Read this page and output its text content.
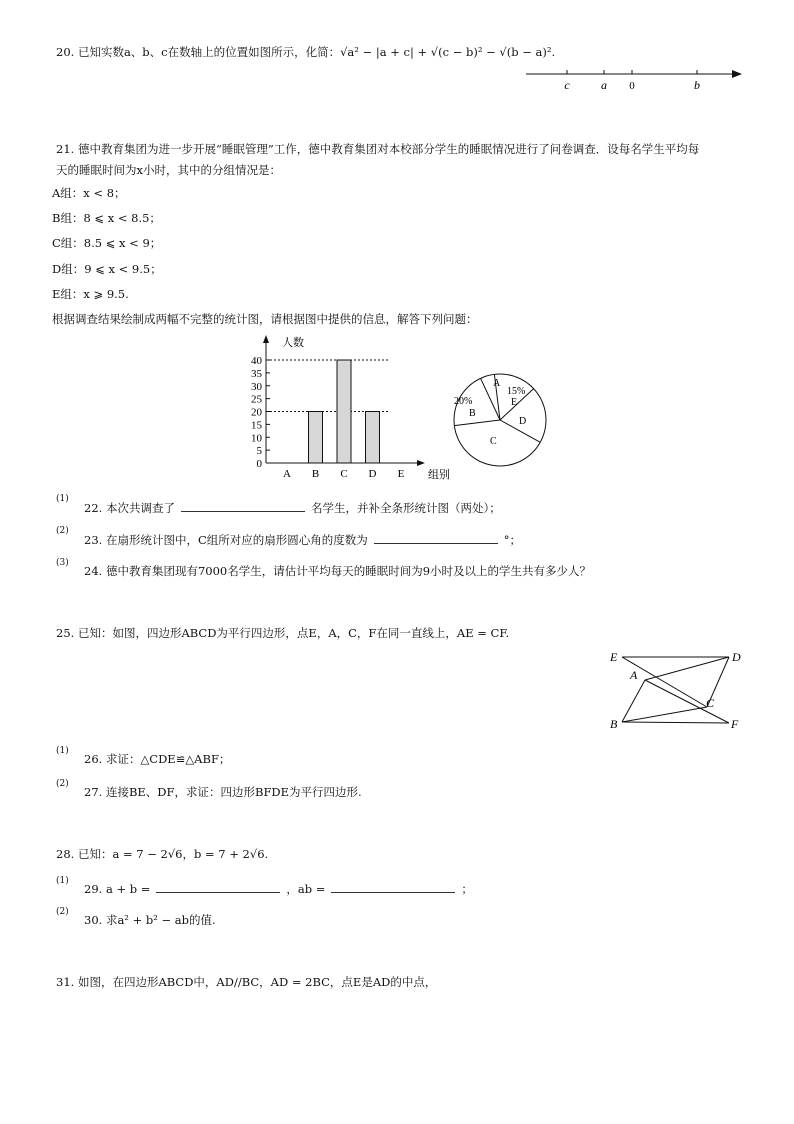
20. 已知实数a、b、c在数轴上的位置如图所示，化简：√a² − |a + c| + √(c − b)² − √(b − a)².
c	a 0	b
21. 德中教育集团为进一步开展“睡眠管理”工作，德中教育集团对本校部分学生的睡眠情况进行了问卷调查．设每名学生平均每
天的睡眠时间为x小时，其中的分组情况是：
A组：x < 8；
B组：8 ⩽ x < 8.5；
C组：8.5 ⩽ x < 9；
D组：9 ⩽ x < 9.5；
E组：x ⩾ 9.5.
根据调查结果绘制成两幅不完整的统计图，请根据图中提供的信息，解答下列问题：
0
5
10
15
20
25
30
35
40
A B C D E
人数
组别
A
15%
E
D
C
20%
B
(1)
22. 本次共调查了	名学生，并补全条形统计图（两处）；
(2)
23. 在扇形统计图中，C组所对应的扇形圆心角的度数为	°；
(3)
24. 德中教育集团现有7000名学生，请估计平均每天的睡眠时间为9小时及以上的学生共有多少人？
25. 已知：如图，四边形ABCD为平行四边形，点E，A，C，F在同一直线上，AE = CF.
E	D
A
C
B	F
(1)
26. 求证：△CDE≌△ABF；
(2)
27. 连接BE、DF，求证：四边形BFDE为平行四边形.
28. 已知：a = 7 − 2√6，b = 7 + 2√6.
(1)
29. a + b =	，ab =	；
(2)
30. 求a² + b² − ab的值.
31. 如图，在四边形ABCD中，AD//BC，AD = 2BC，点E是AD的中点，
